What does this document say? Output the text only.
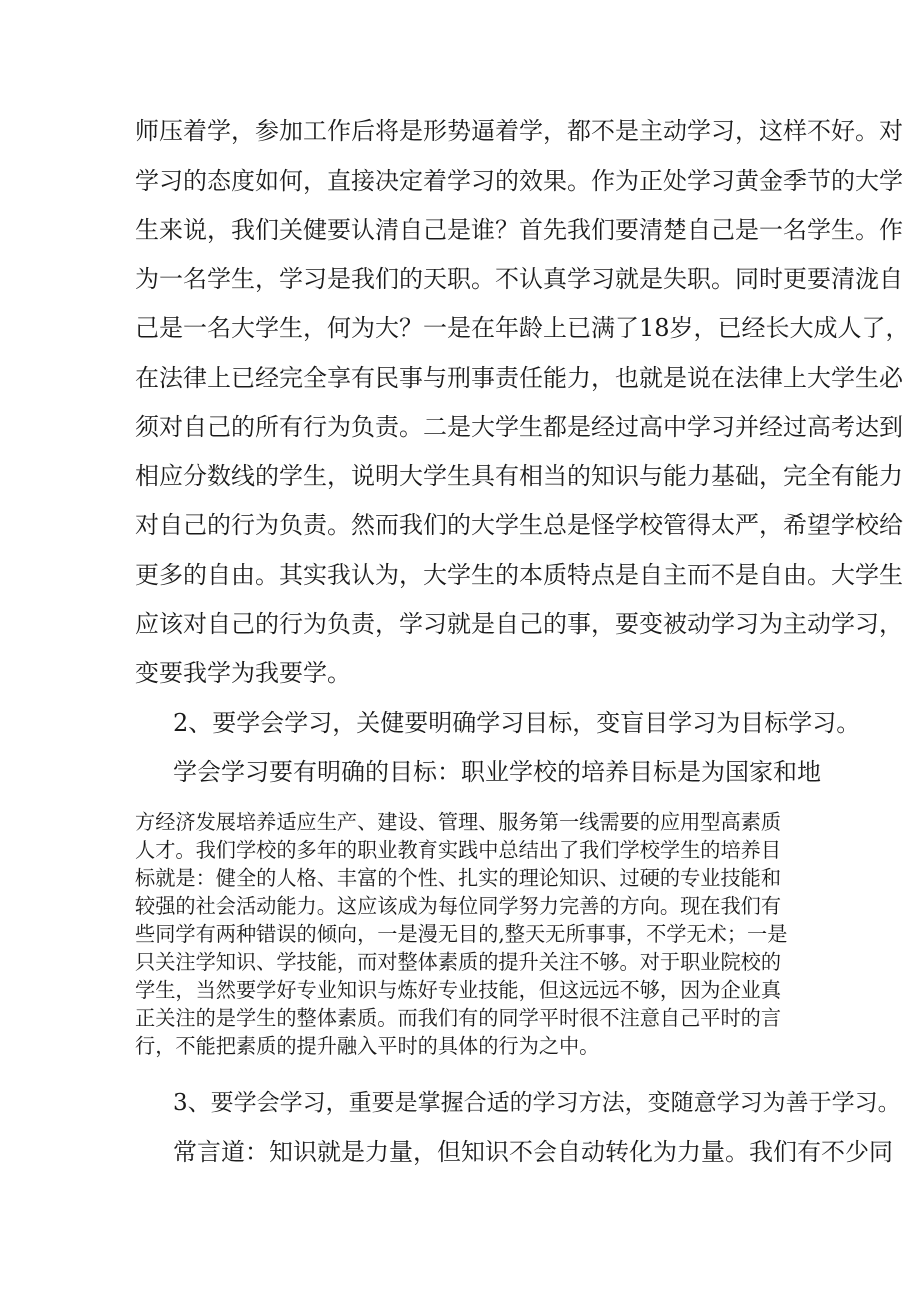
师压着学，参加工作后将是形势逼着学，都不是主动学习，这样不好。对
学习的态度如何，直接决定着学习的效果。作为正处学习黄金季节的大学
生来说，我们关健要认清自己是谁？首先我们要清楚自己是一名学生。作
为一名学生，学习是我们的天职。不认真学习就是失职。同时更要清泷自
己是一名大学生，何为大？一是在年龄上已满了18岁，已经长大成人了，
在法律上已经完全享有民事与刑事责任能力，也就是说在法律上大学生必
须对自己的所有行为负责。二是大学生都是经过高中学习并经过高考达到
相应分数线的学生，说明大学生具有相当的知识与能力基础，完全有能力
对自己的行为负责。然而我们的大学生总是怪学校管得太严，希望学校给
更多的自由。其实我认为，大学生的本质特点是自主而不是自由。大学生
应该对自己的行为负责，学习就是自己的事，要变被动学习为主动学习，
变要我学为我要学。
2、要学会学习，关健要明确学习目标，变盲目学习为目标学习。
学会学习要有明确的目标：职业学校的培养目标是为国家和地
方经济发展培养适应生产、建设、管理、服务第一线需要的应用型高素质
人才。我们学校的多年的职业教育实践中总结出了我们学校学生的培养目
标就是：健全的人格、丰富的个性、扎实的理论知识、过硬的专业技能和
较强的社会活动能力。这应该成为每位同学努力完善的方向。现在我们有
些同学有两种错误的倾向，一是漫无目的,整天无所事事，不学无术；一是
只关注学知识、学技能，而对整体素质的提升关注不够。对于职业院校的
学生，当然要学好专业知识与炼好专业技能，但这远远不够，因为企业真
正关注的是学生的整体素质。而我们有的同学平时很不注意自己平时的言
行，不能把素质的提升融入平时的具体的行为之中。
3、要学会学习，重要是掌握合适的学习方法，变随意学习为善于学习。
常言道：知识就是力量，但知识不会自动转化为力量。我们有不少同
